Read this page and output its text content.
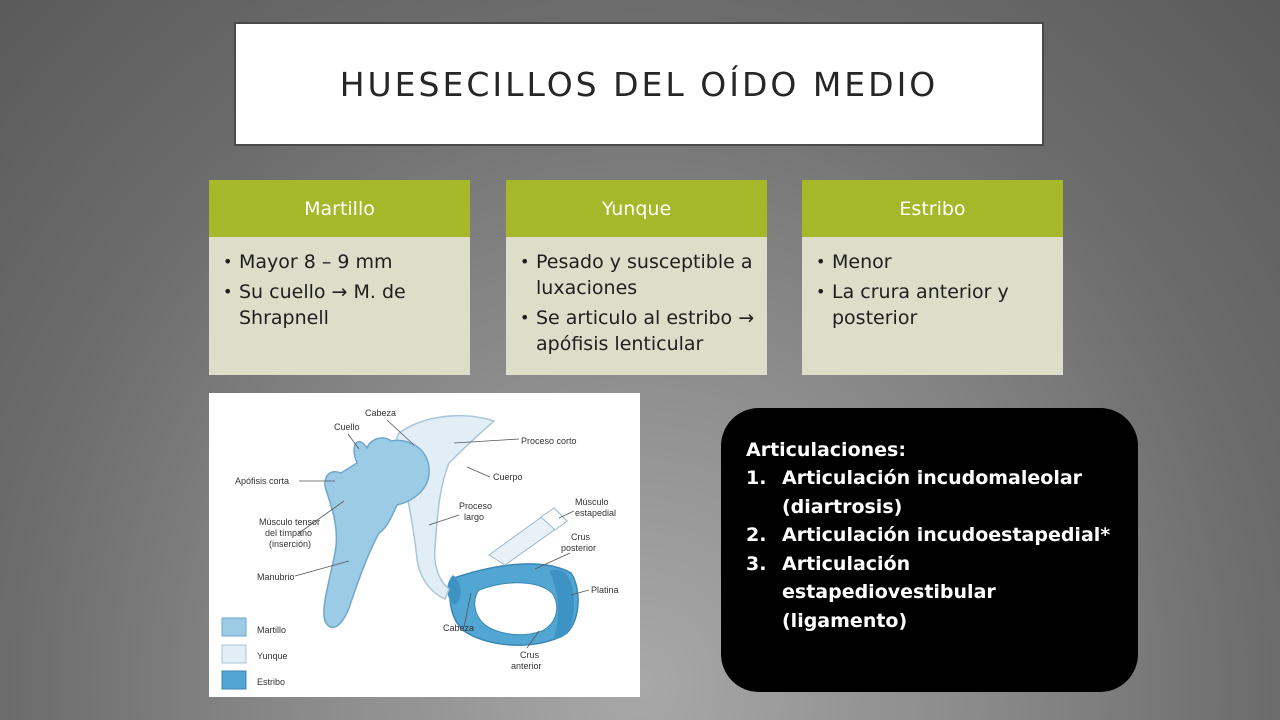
HUESECILLOS DEL OÍDO MEDIO
Martillo
• Mayor 8 – 9 mm
• Su cuello → M. de Shrapnell
Yunque
• Pesado y susceptible a luxaciones
• Se articulo al estribo → apófisis lenticular
Estribo
• Menor
• La crura anterior y posterior
Cabeza
Cuello
Proceso corto
Cuerpo
Apófisis corta
Proceso
largo
Músculo
estapedial
Músculo tensor
del tímpano
(inserción)
Crus
posterior
Manubrio
Platina
Cabeza
Crus
anterior
Martillo
Yunque
Estribo
Articulaciones:
1. Articulación incudomaleolar (diartrosis)
2. Articulación incudoestapedial*
3. Articulación estapediovestibular (ligamento)
